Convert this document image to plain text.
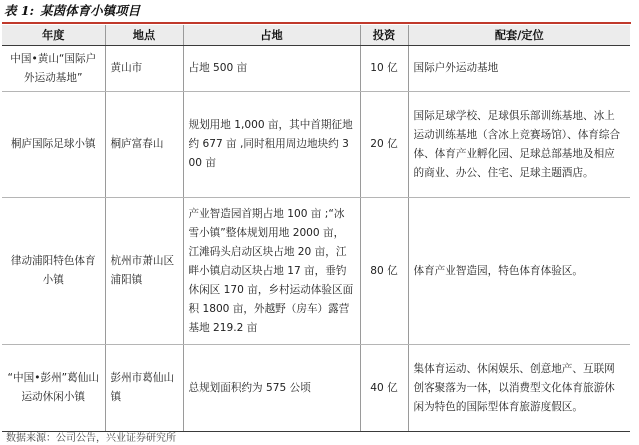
表 1: 某茵体育小镇项目
年度	地点	占地	投资	配套/定位
中国•黄山“国际户外运动基地”	黄山市	占地 500 亩	10 亿	国际户外运动基地
桐庐国际足球小镇	桐庐富春山	规划用地 1,000 亩，其中首期征地约 677 亩 ,同时租用周边地块约 300 亩	20 亿	国际足球学校、足球俱乐部训练基地、冰上运动训练基地（含冰上竞赛场馆）、体育综合体、体育产业孵化园、足球总部基地及相应的商业、办公、住宅、足球主题酒店。
律动浦阳特色体育小镇	杭州市萧山区浦阳镇	产业智造园首期占地 100 亩 ;“冰雪小镇”整体规划用地 2000 亩，江滩码头启动区块占地 20 亩，江畔小镇启动区块占地 17 亩，垂钓休闲区 170 亩，乡村运动体验区面积 1800 亩，外越野（房车）露营基地 219.2 亩	80 亿	体育产业智造园，特色体育体验区。
“中国•彭州”葛仙山运动休闲小镇	彭州市葛仙山镇	总规划面积约为 575 公顷	40 亿	集体育运动、休闲娱乐、创意地产、互联网创客聚落为一体，以消费型文化体育旅游休闲为特色的国际型体育旅游度假区。
数据来源：公司公告，兴业证券研究所
